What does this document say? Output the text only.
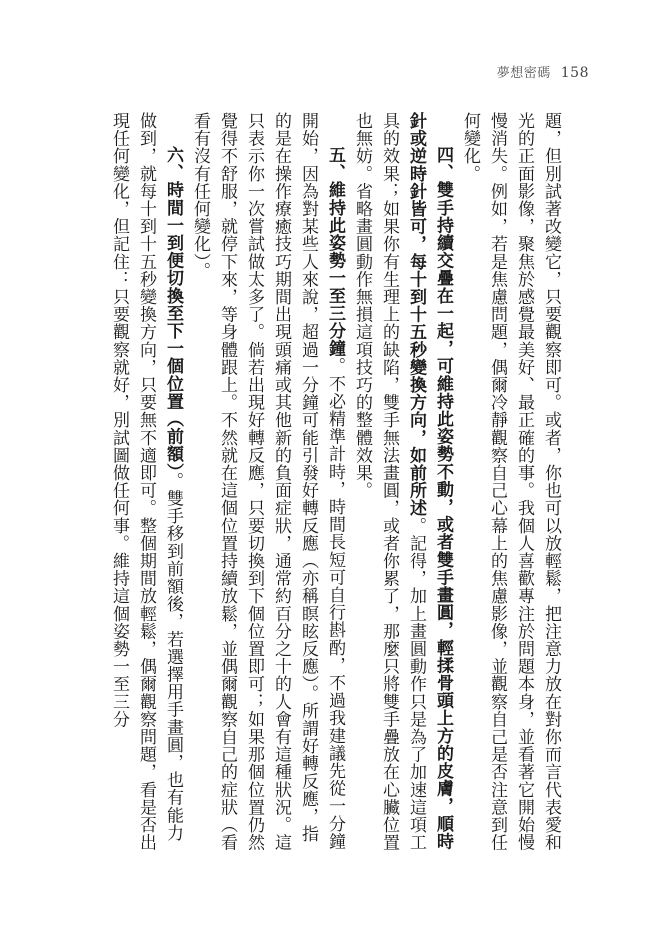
夢想密碼 158

題，但別試著改變它，只要觀察即可。或者，你也可以放輕鬆，把注意力放在對你而言代表愛和光的正面影像，聚焦於感覺最美好、最正確的事。我個人喜歡專注於問題本身，並看著它開始慢慢消失。例如，若是焦慮問題，偶爾冷靜觀察自己心幕上的焦慮影像，並觀察自己是否注意到任何變化。

四、雙手持續交疊在一起，可維持此姿勢不動，或者雙手畫圓，輕揉骨頭上方的皮膚，順時針或逆時針皆可，每十到十五秒變換方向，如前所述。記得，加上畫圓動作只是為了加速這項工具的效果；如果你有生理上的缺陷，雙手無法畫圓，或者你累了，那麼只將雙手疊放在心臟位置也無妨。省略畫圓動作無損這項技巧的整體效果。

五、維持此姿勢一至三分鐘。不必精準計時，時間長短可自行斟酌，不過我建議先從一分鐘開始，因為對某些人來說，超過一分鐘可能引發好轉反應（亦稱瞑眩反應）。所謂好轉反應，指的是在操作療癒技巧期間出現頭痛或其他新的負面症狀，通常約百分之十的人會有這種狀況。這只表示你一次嘗試做太多了。倘若出現好轉反應，只要切換到下個位置即可；如果那個位置仍然覺得不舒服，就停下來，等身體跟上。不然就在這個位置持續放鬆，並偶爾觀察自己的症狀（看看有沒有任何變化）。

六、時間一到便切換至下一個位置（前額）。雙手移到前額後，若選擇用手畫圓，也有能力做到，就每十到十五秒變換方向，只要無不適即可。整個期間放輕鬆，偶爾觀察問題，看是否出現任何變化，但記住：只要觀察就好，別試圖做任何事。維持這個姿勢一至三分
